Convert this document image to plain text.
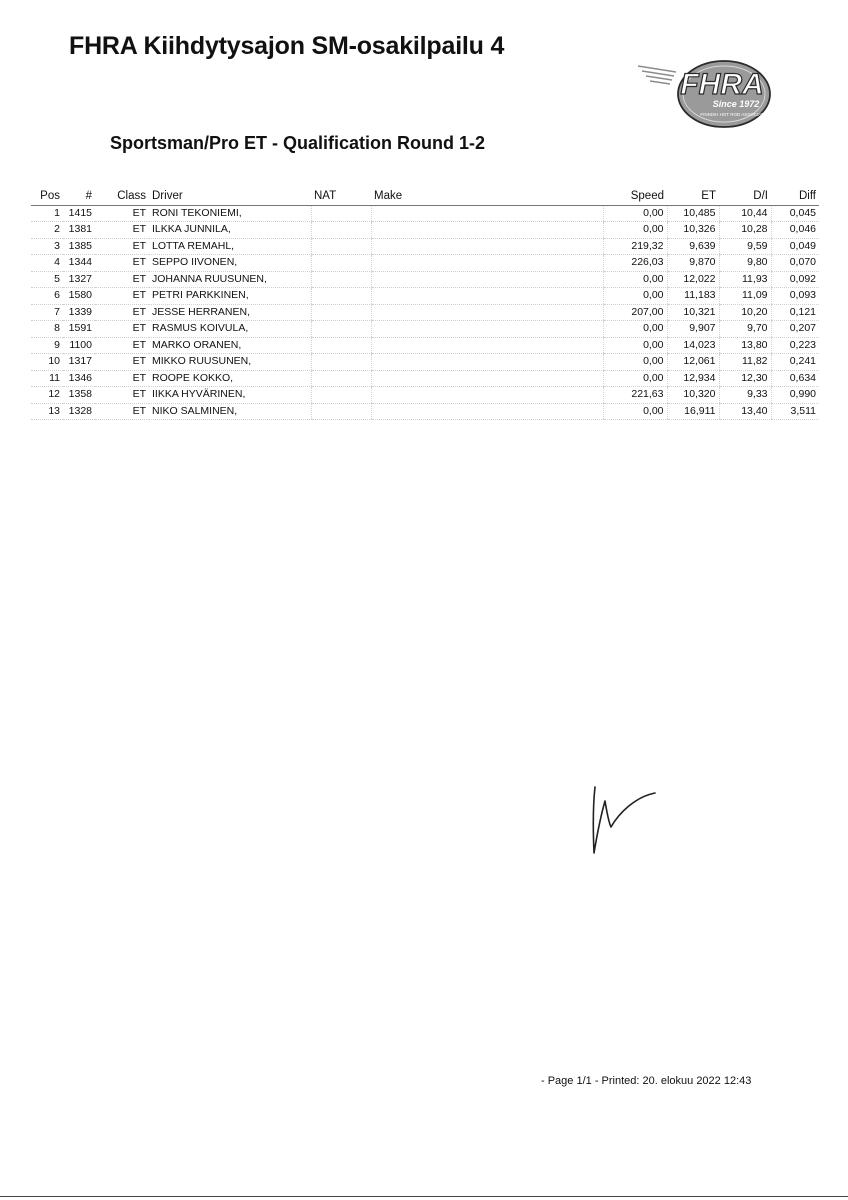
FHRA Kiihdytysajon SM-osakilpailu 4
FHRA
Since 1972
FINNISH HOT ROD ASSOCIATION
Sportsman/Pro ET - Qualification Round 1-2
Pos	#	Class	Driver	NAT	Make	Speed	ET	D/I	Diff
1	1415	ET	RONI TEKONIEMI,			0,00	10,485	10,44	0,045
2	1381	ET	ILKKA JUNNILA,			0,00	10,326	10,28	0,046
3	1385	ET	LOTTA REMAHL,			219,32	9,639	9,59	0,049
4	1344	ET	SEPPO IIVONEN,			226,03	9,870	9,80	0,070
5	1327	ET	JOHANNA RUUSUNEN,			0,00	12,022	11,93	0,092
6	1580	ET	PETRI PARKKINEN,			0,00	11,183	11,09	0,093
7	1339	ET	JESSE HERRANEN,			207,00	10,321	10,20	0,121
8	1591	ET	RASMUS KOIVULA,			0,00	9,907	9,70	0,207
9	1100	ET	MARKO ORANEN,			0,00	14,023	13,80	0,223
10	1317	ET	MIKKO RUUSUNEN,			0,00	12,061	11,82	0,241
11	1346	ET	ROOPE KOKKO,			0,00	12,934	12,30	0,634
12	1358	ET	IIKKA HYVÄRINEN,			221,63	10,320	9,33	0,990
13	1328	ET	NIKO SALMINEN,			0,00	16,911	13,40	3,511
- Page 1/1 - Printed: 20. elokuu 2022 12:43
